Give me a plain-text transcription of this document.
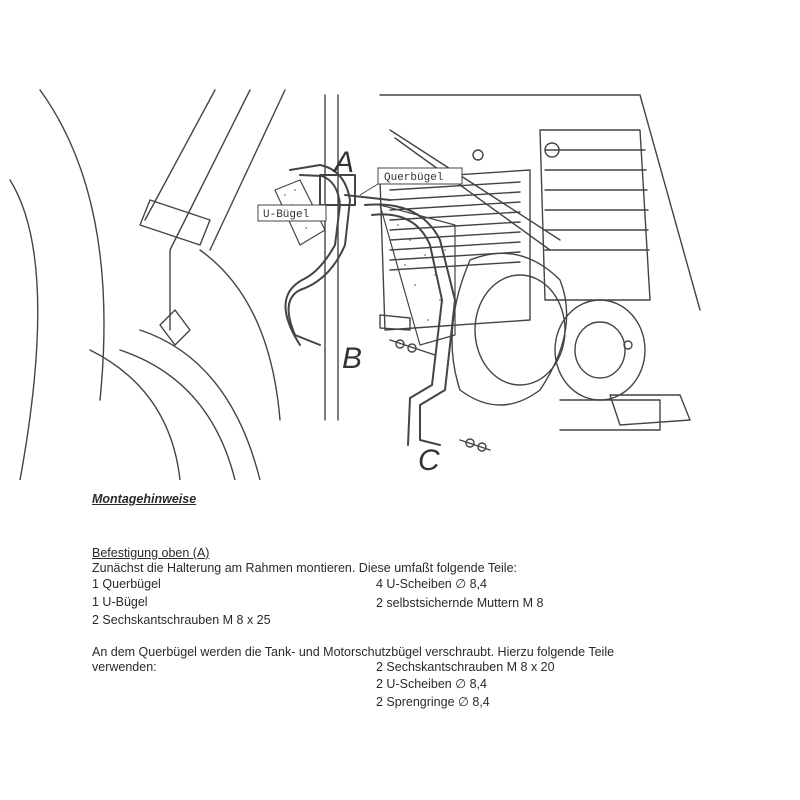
Querbügel
U-Bügel
A
B
C

Montagehinweise

Befestigung oben (A)

Zunächst die Halterung am Rahmen montieren. Diese umfaßt folgende Teile:

1 Querbügel

1 U-Bügel

2 Sechskantschrauben M 8 x 25

4 U-Scheiben ∅ 8,4

2 selbstsichernde Muttern M 8

An dem Querbügel werden die Tank- und Motorschutzbügel verschraubt. Hierzu folgende Teile

verwenden:	2 Sechskantschrauben M 8 x 20

2 U-Scheiben ∅ 8,4

2 Sprengringe ∅ 8,4
